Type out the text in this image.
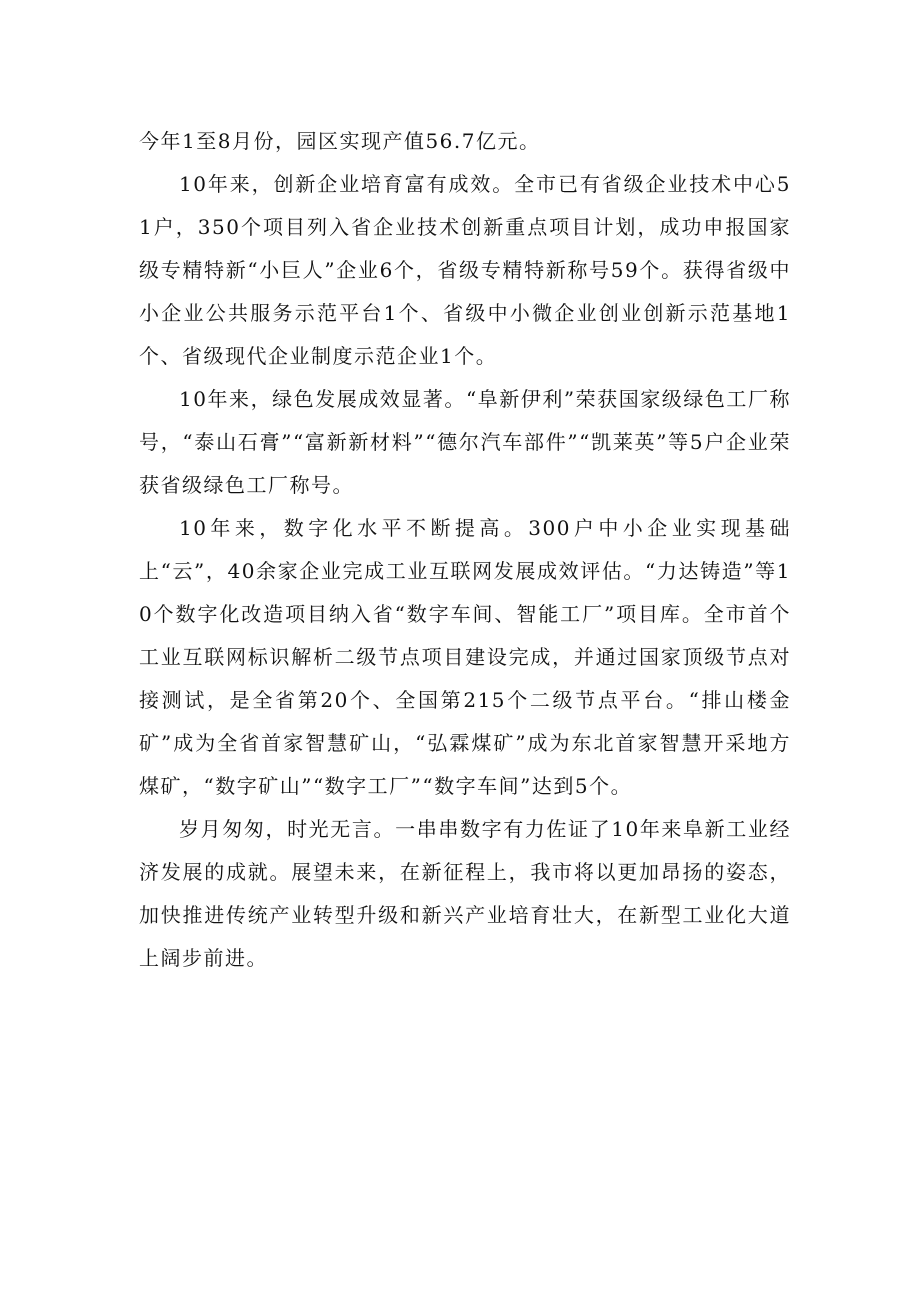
今年1至8月份，园区实现产值56.7亿元。

10年来，创新企业培育富有成效。全市已有省级企业技术中心51户，350个项目列入省企业技术创新重点项目计划，成功申报国家级专精特新“小巨人”企业6个，省级专精特新称号59个。获得省级中小企业公共服务示范平台1个、省级中小微企业创业创新示范基地1个、省级现代企业制度示范企业1个。

10年来，绿色发展成效显著。“阜新伊利”荣获国家级绿色工厂称号，“泰山石膏”“富新新材料”“德尔汽车部件”“凯莱英”等5户企业荣获省级绿色工厂称号。

10年来，数字化水平不断提高。300户中小企业实现基础上“云”，40余家企业完成工业互联网发展成效评估。“力达铸造”等10个数字化改造项目纳入省“数字车间、智能工厂”项目库。全市首个工业互联网标识解析二级节点项目建设完成，并通过国家顶级节点对接测试，是全省第20个、全国第215个二级节点平台。“排山楼金矿”成为全省首家智慧矿山，“弘霖煤矿”成为东北首家智慧开采地方煤矿，“数字矿山”“数字工厂”“数字车间”达到5个。

岁月匆匆，时光无言。一串串数字有力佐证了10年来阜新工业经济发展的成就。展望未来，在新征程上，我市将以更加昂扬的姿态，加快推进传统产业转型升级和新兴产业培育壮大，在新型工业化大道上阔步前进。
